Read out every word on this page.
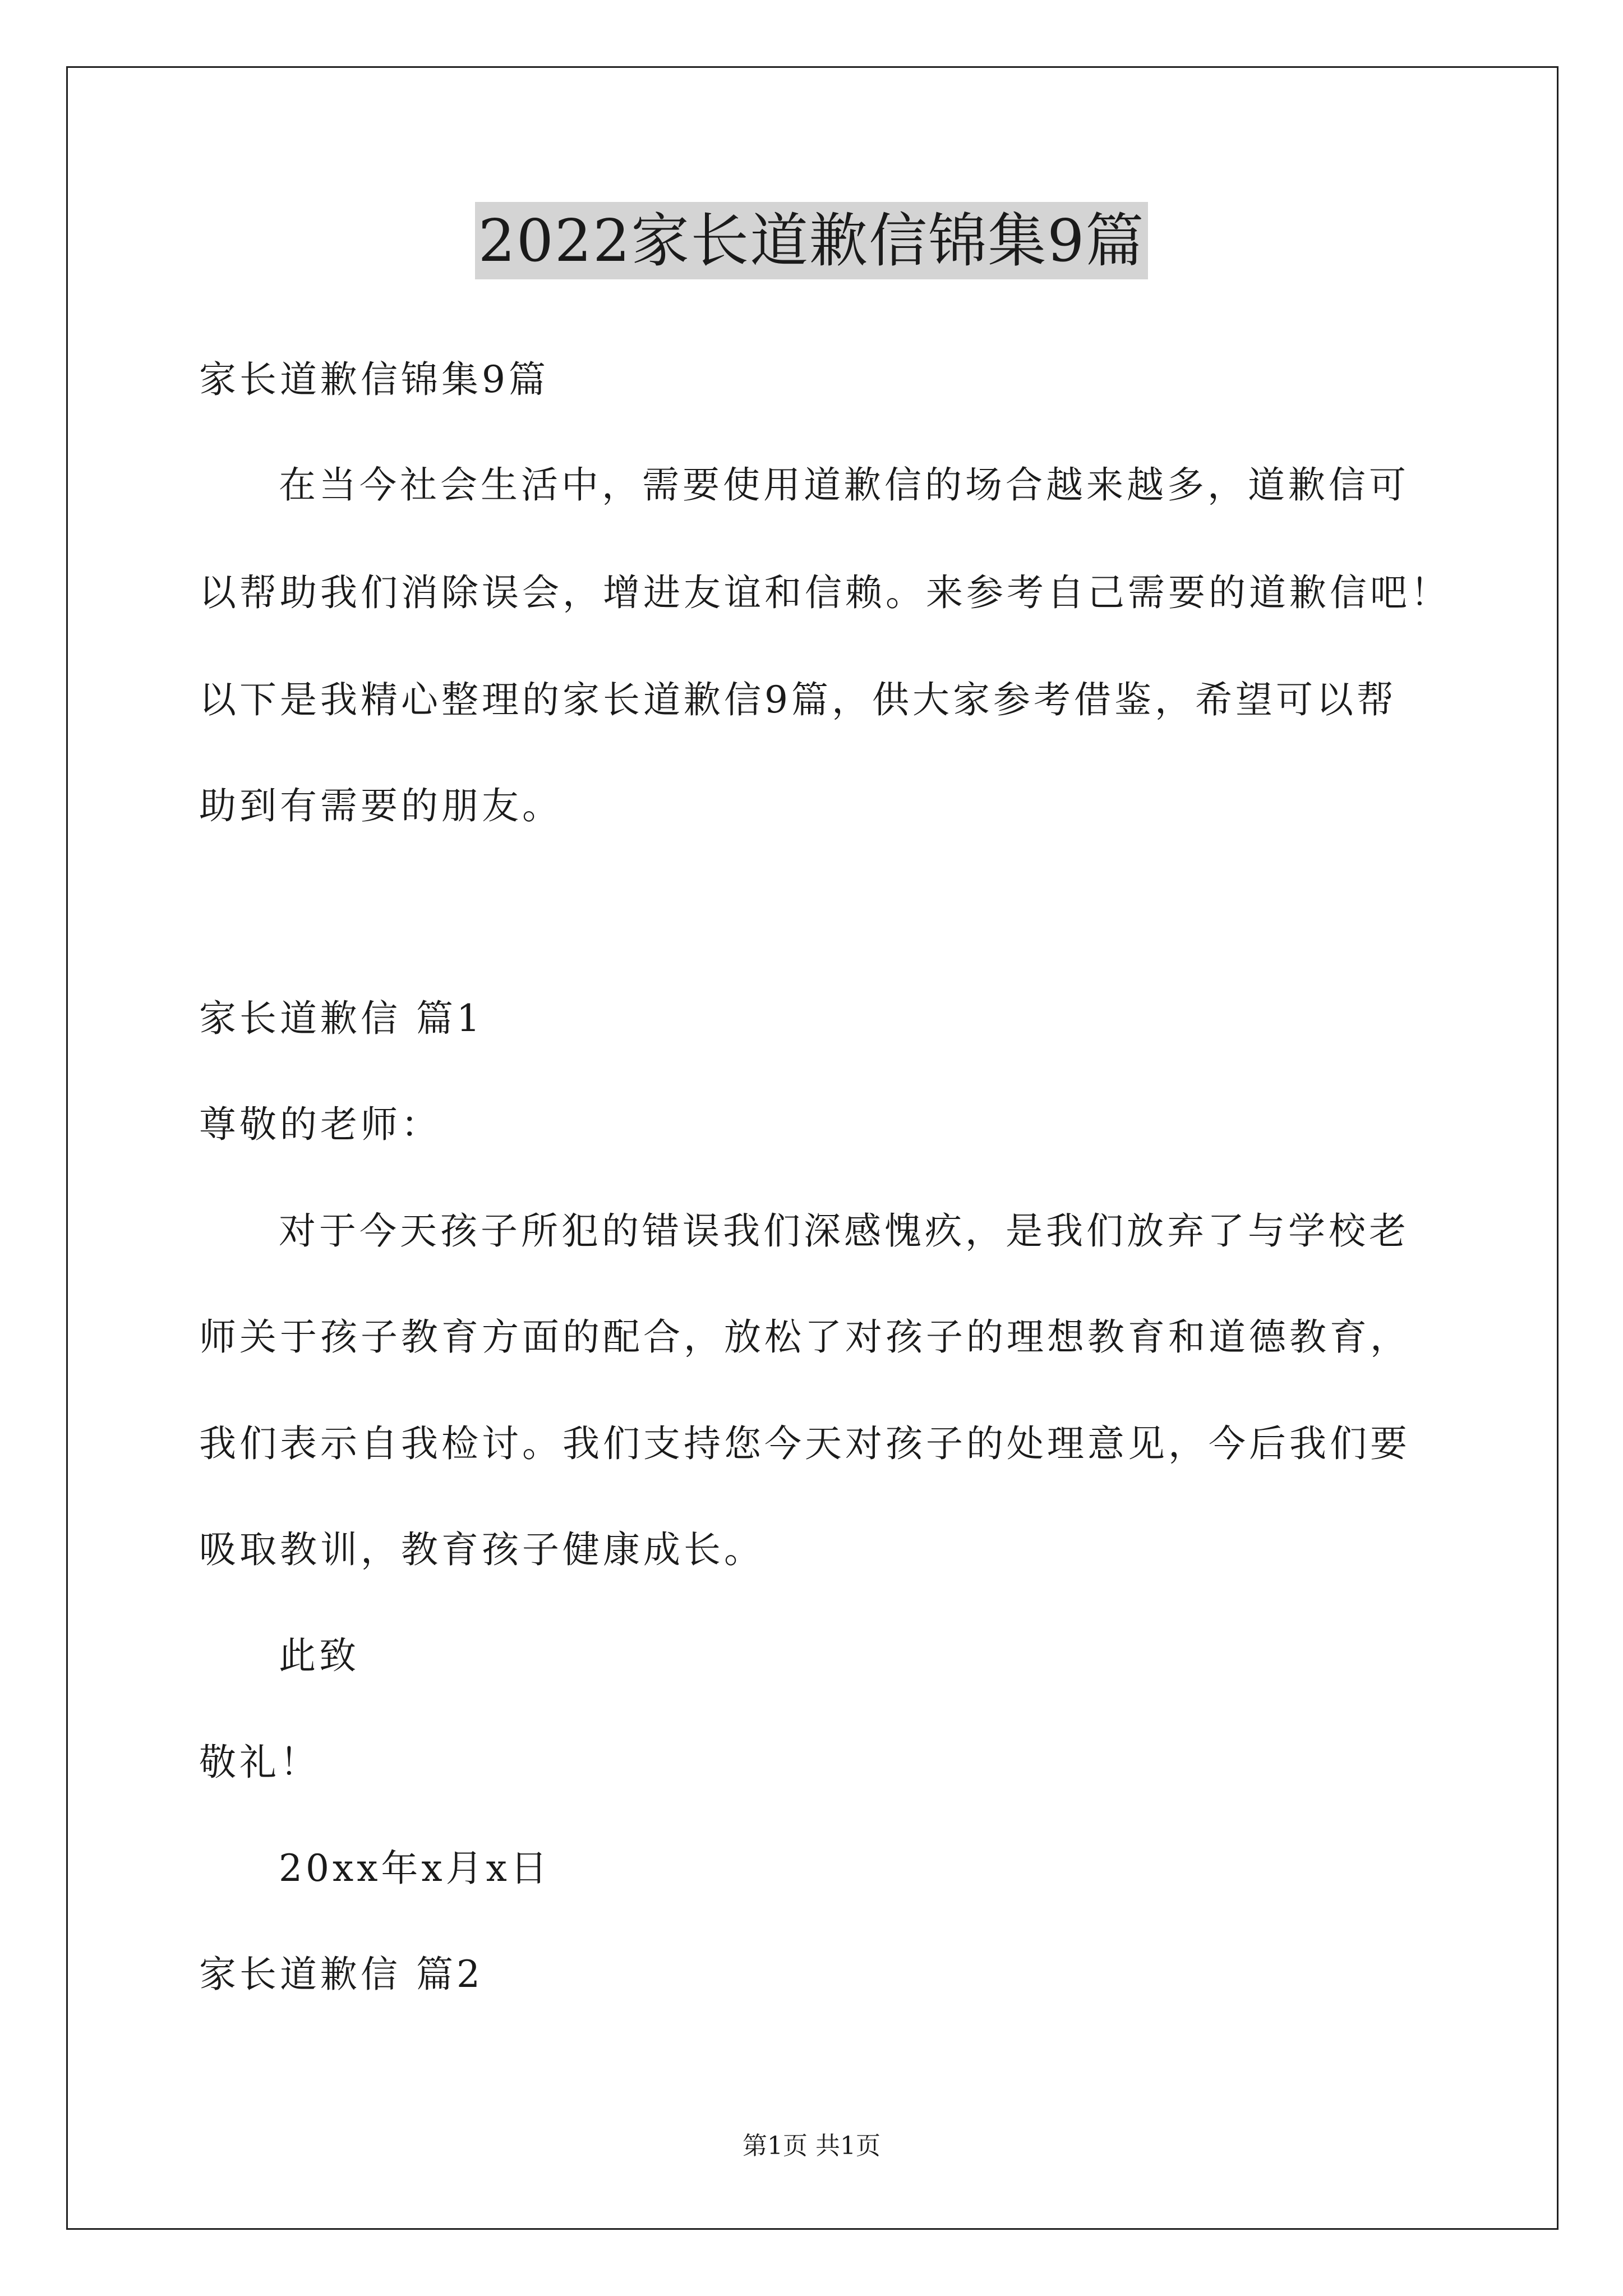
2022家长道歉信锦集9篇
家长道歉信锦集9篇
在当今社会生活中，需要使用道歉信的场合越来越多，道歉信可
以帮助我们消除误会，增进友谊和信赖。来参考自己需要的道歉信吧！
以下是我精心整理的家长道歉信9篇，供大家参考借鉴，希望可以帮
助到有需要的朋友。
家长道歉信 篇1
尊敬的老师：
对于今天孩子所犯的错误我们深感愧疚，是我们放弃了与学校老
师关于孩子教育方面的配合，放松了对孩子的理想教育和道德教育，
我们表示自我检讨。我们支持您今天对孩子的处理意见，今后我们要
吸取教训，教育孩子健康成长。
此致
敬礼！
20xx年x月x日
家长道歉信 篇2
第1页 共1页
